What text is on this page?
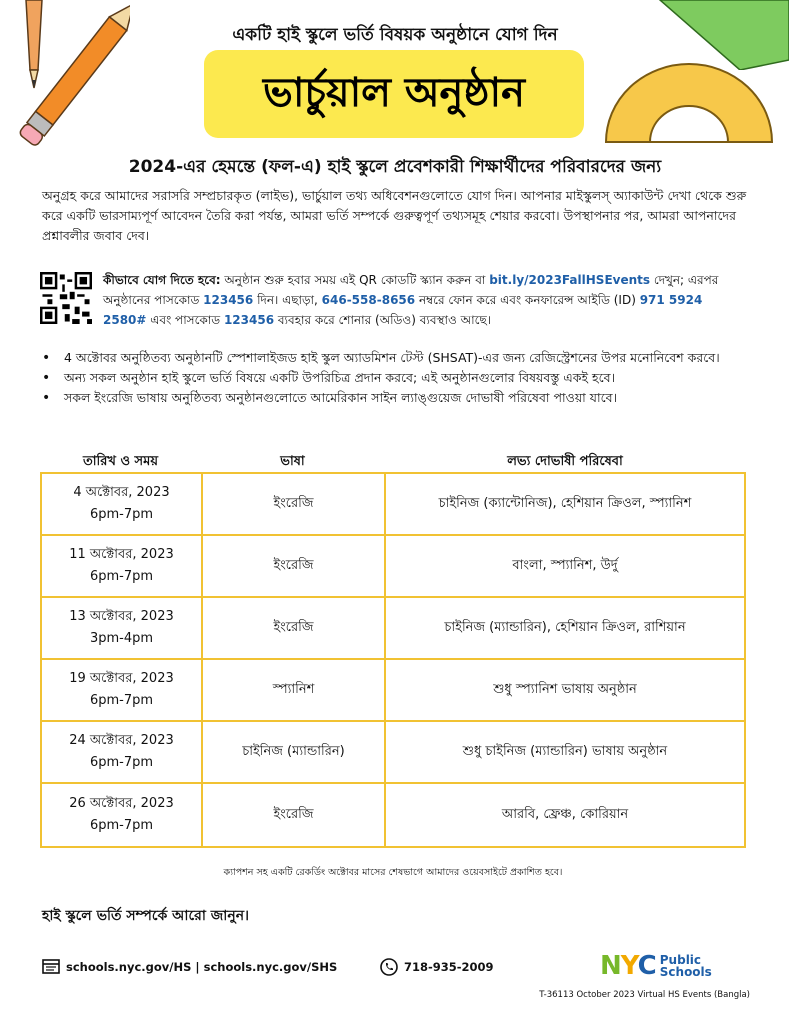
একটি হাই স্কুলে ভর্তি বিষয়ক অনুষ্ঠানে যোগ দিন
ভার্চুয়াল অনুষ্ঠান
2024-এর হেমন্তে (ফল-এ) হাই স্কুলে প্রবেশকারী শিক্ষার্থীদের পরিবারদের জন্য
অনুগ্রহ করে আমাদের সরাসরি সম্প্রচারকৃত (লাইভ), ভার্চুয়াল তথ্য অধিবেশনগুলোতে যোগ দিন। আপনার মাইস্কুলস্ অ্যাকাউন্ট দেখা থেকে শুরু করে একটি ভারসাম্যপূর্ণ আবেদন তৈরি করা পর্যন্ত, আমরা ভর্তি সম্পর্কে গুরুত্বপূর্ণ তথ্যসমূহ শেয়ার করবো। উপস্থাপনার পর, আমরা আপনাদের প্রশ্নাবলীর জবাব দেব।
কীভাবে যোগ দিতে হবে: অনুষ্ঠান শুরু হবার সময় এই QR কোডটি স্ক্যান করুন বা bit.ly/2023FallHSEvents দেখুন; এরপর অনুষ্ঠানের পাসকোড 123456 দিন। এছাড়া, 646-558-8656 নম্বরে ফোন করে এবং কনফারেন্স আইডি (ID) 971 5924 2580# এবং পাসকোড 123456 ব্যবহার করে শোনার (অডিও) ব্যবস্থাও আছে।
• 4 অক্টোবর অনুষ্ঠিতব্য অনুষ্ঠানটি স্পেশালাইজড হাই স্কুল অ্যাডমিশন টেস্ট (SHSAT)-এর জন্য রেজিস্ট্রেশনের উপর মনোনিবেশ করবে।
• অন্য সকল অনুষ্ঠান হাই স্কুলে ভর্তি বিষয়ে একটি উপরিচিত্র প্রদান করবে; এই অনুষ্ঠানগুলোর বিষয়বস্তু একই হবে।
• সকল ইংরেজি ভাষায় অনুষ্ঠিতব্য অনুষ্ঠানগুলোতে আমেরিকান সাইন ল্যাঙ্গুয়েজ দোভাষী পরিষেবা পাওয়া যাবে।
তারিখ ও সময়	ভাষা	লভ্য দোভাষী পরিষেবা
4 অক্টোবর, 2023
6pm-7pm
ইংরেজি	চাইনিজ (ক্যান্টোনিজ), হেশিয়ান ক্রিওল, স্প্যানিশ
11 অক্টোবর, 2023
6pm-7pm
ইংরেজি	বাংলা, স্প্যানিশ, উর্দু
13 অক্টোবর, 2023
3pm-4pm
ইংরেজি	চাইনিজ (ম্যান্ডারিন), হেশিয়ান ক্রিওল, রাশিয়ান
19 অক্টোবর, 2023
6pm-7pm
স্প্যানিশ	শুধু স্প্যানিশ ভাষায় অনুষ্ঠান
24 অক্টোবর, 2023
6pm-7pm
চাইনিজ (ম্যান্ডারিন)	শুধু চাইনিজ (ম্যান্ডারিন) ভাষায় অনুষ্ঠান
26 অক্টোবর, 2023
6pm-7pm
ইংরেজি	আরবি, ফ্রেঞ্চ, কোরিয়ান
ক্যাপশন সহ একটি রেকর্ডিং অক্টোবর মাসের শেষভাগে আমাদের ওয়েবসাইটে প্রকাশিত হবে।
হাই স্কুলে ভর্তি সম্পর্কে আরো জানুন।
schools.nyc.gov/HS | schools.nyc.gov/SHS	718-935-2009	NYC Public
Schools
T-36113 October 2023 Virtual HS Events (Bangla)
